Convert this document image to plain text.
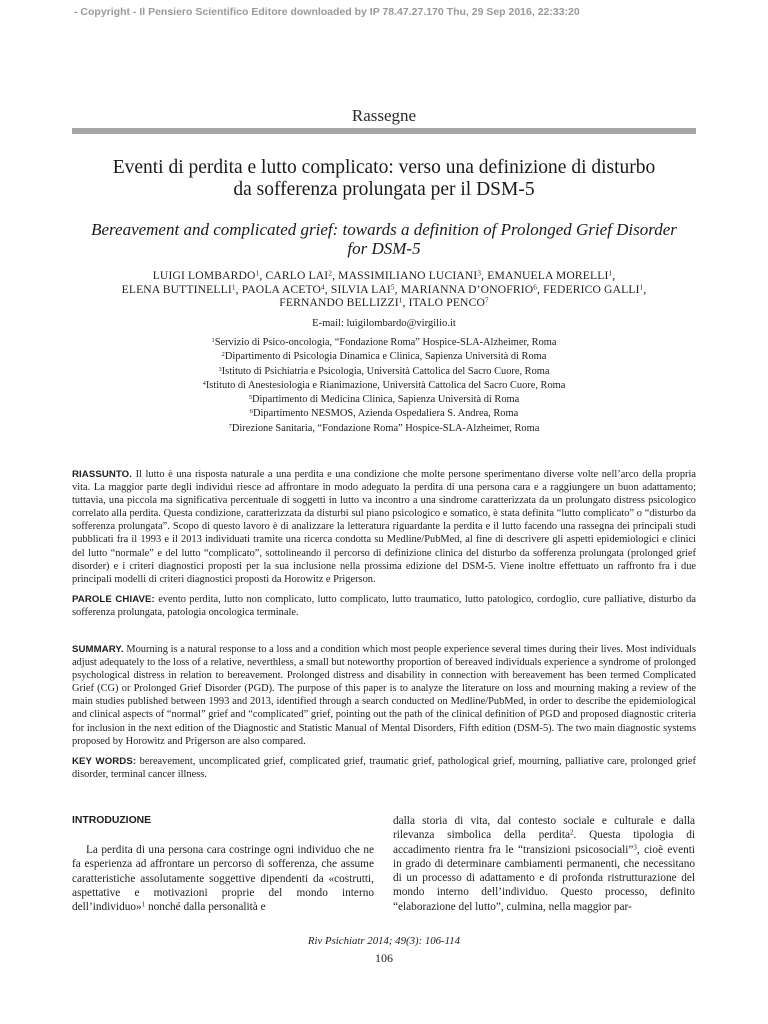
- Copyright - Il Pensiero Scientifico Editore downloaded by IP 78.47.27.170 Thu, 29 Sep 2016, 22:33:20
Rassegne
Eventi di perdita e lutto complicato: verso una definizione di disturbo
da sofferenza prolungata per il DSM-5
Bereavement and complicated grief: towards a definition of Prolonged Grief Disorder
for DSM-5
LUIGI LOMBARDO$^1$, CARLO LAI$^2$, MASSIMILIANO LUCIANI$^3$, EMANUELA MORELLI$^1$,
ELENA BUTTINELLI$^1$, PAOLA ACETO$^4$, SILVIA LAI$^5$, MARIANNA D’ONOFRIO$^6$, FEDERICO GALLI$^1$,
FERNANDO BELLIZZI$^1$, ITALO PENCO$^7$
E-mail: luigilombardo@virgilio.it

$^1$Servizio di Psico-oncologia, “Fondazione Roma” Hospice-SLA-Alzheimer, Roma

$^2$Dipartimento di Psicologia Dinamica e Clinica, Sapienza Università di Roma

$^3$Istituto di Psichiatria e Psicologia, Università Cattolica del Sacro Cuore, Roma

$^4$Istituto di Anestesiologia e Rianimazione, Università Cattolica del Sacro Cuore, Roma

$^5$Dipartimento di Medicina Clinica, Sapienza Università di Roma

$^6$Dipartimento NESMOS, Azienda Ospedaliera S. Andrea, Roma

$^7$Direzione Sanitaria, “Fondazione Roma” Hospice-SLA-Alzheimer, Roma

RIASSUNTO. Il lutto è una risposta naturale a una perdita e una condizione che molte persone sperimentano diverse volte nell’arco della propria vita. La maggior parte degli individui riesce ad affrontare in modo adeguato la perdita di una persona cara e a raggiungere un buon adattamento; tuttavia, una piccola ma significativa percentuale di soggetti in lutto va incontro a una sindrome caratterizzata da un prolungato distress psicologico correlato alla perdita. Questa condizione, caratterizzata da disturbi sul piano psicologico e somatico, è stata definita “lutto complicato” o “disturbo da sofferenza prolungata”. Scopo di questo lavoro è di analizzare la letteratura riguardante la perdita e il lutto facendo una rassegna dei principali studi pubblicati fra il 1993 e il 2013 individuati tramite una ricerca condotta su Medline/PubMed, al fine di descrivere gli aspetti epidemiologici e clinici del lutto “normale” e del lutto “complicato”, sottolineando il percorso di definizione clinica del disturbo da sofferenza prolungata (prolonged grief disorder) e i criteri diagnostici proposti per la sua inclusione nella prossima edizione del DSM-5. Viene inoltre effettuato un raffronto fra i due principali modelli di criteri diagnostici proposti da Horowitz e Prigerson.

PAROLE CHIAVE: evento perdita, lutto non complicato, lutto complicato, lutto traumatico, lutto patologico, cordoglio, cure palliative, disturbo da sofferenza prolungata, patologia oncologica terminale.

SUMMARY. Mourning is a natural response to a loss and a condition which most people experience several times during their lives. Most individuals adjust adequately to the loss of a relative, neverthless, a small but noteworthy proportion of bereaved individuals experience a syndrome of prolonged psychological distress in relation to bereavement. Prolonged distress and disability in connection with bereavement has been termed Complicated Grief (CG) or Prolonged Grief Disorder (PGD). The purpose of this paper is to analyze the literature on loss and mourning making a review of the main studies published between 1993 and 2013, identified through a search conducted on Medline/PubMed, in order to describe the epidemiological and clinical aspects of “normal” grief and “complicated” grief, pointing out the path of the clinical definition of PGD and proposed diagnostic criteria for inclusion in the next edition of the Diagnostic and Statistic Manual of Mental Disorders, Fifth edition (DSM-5). The two main diagnostic systems proposed by Horowitz and Prigerson are also compared.

KEY WORDS: bereavement, uncomplicated grief, complicated grief, traumatic grief, pathological grief, mourning, palliative care, prolonged grief disorder, terminal cancer illness.

INTRODUZIONE

La perdita di una persona cara costringe ogni individuo che ne fa esperienza ad affrontare un percorso di sofferenza, che assume caratteristiche assolutamente soggettive dipendenti da «costrutti, aspettative e motivazioni proprie del mondo interno dell’individuo»$^1$ nonché dalla personalità e

dalla storia di vita, dal contesto sociale e culturale e dalla rilevanza simbolica della perdita$^2$. Questa tipologia di accadimento rientra fra le “transizioni psicosociali”$^3$, cioè eventi in grado di determinare cambiamenti permanenti, che necessitano di un processo di adattamento e di profonda ristrutturazione del mondo interno dell’individuo. Questo processo, definito “elaborazione del lutto”, culmina, nella maggior par-

Riv Psichiatr 2014; 49(3): 106-114
106
